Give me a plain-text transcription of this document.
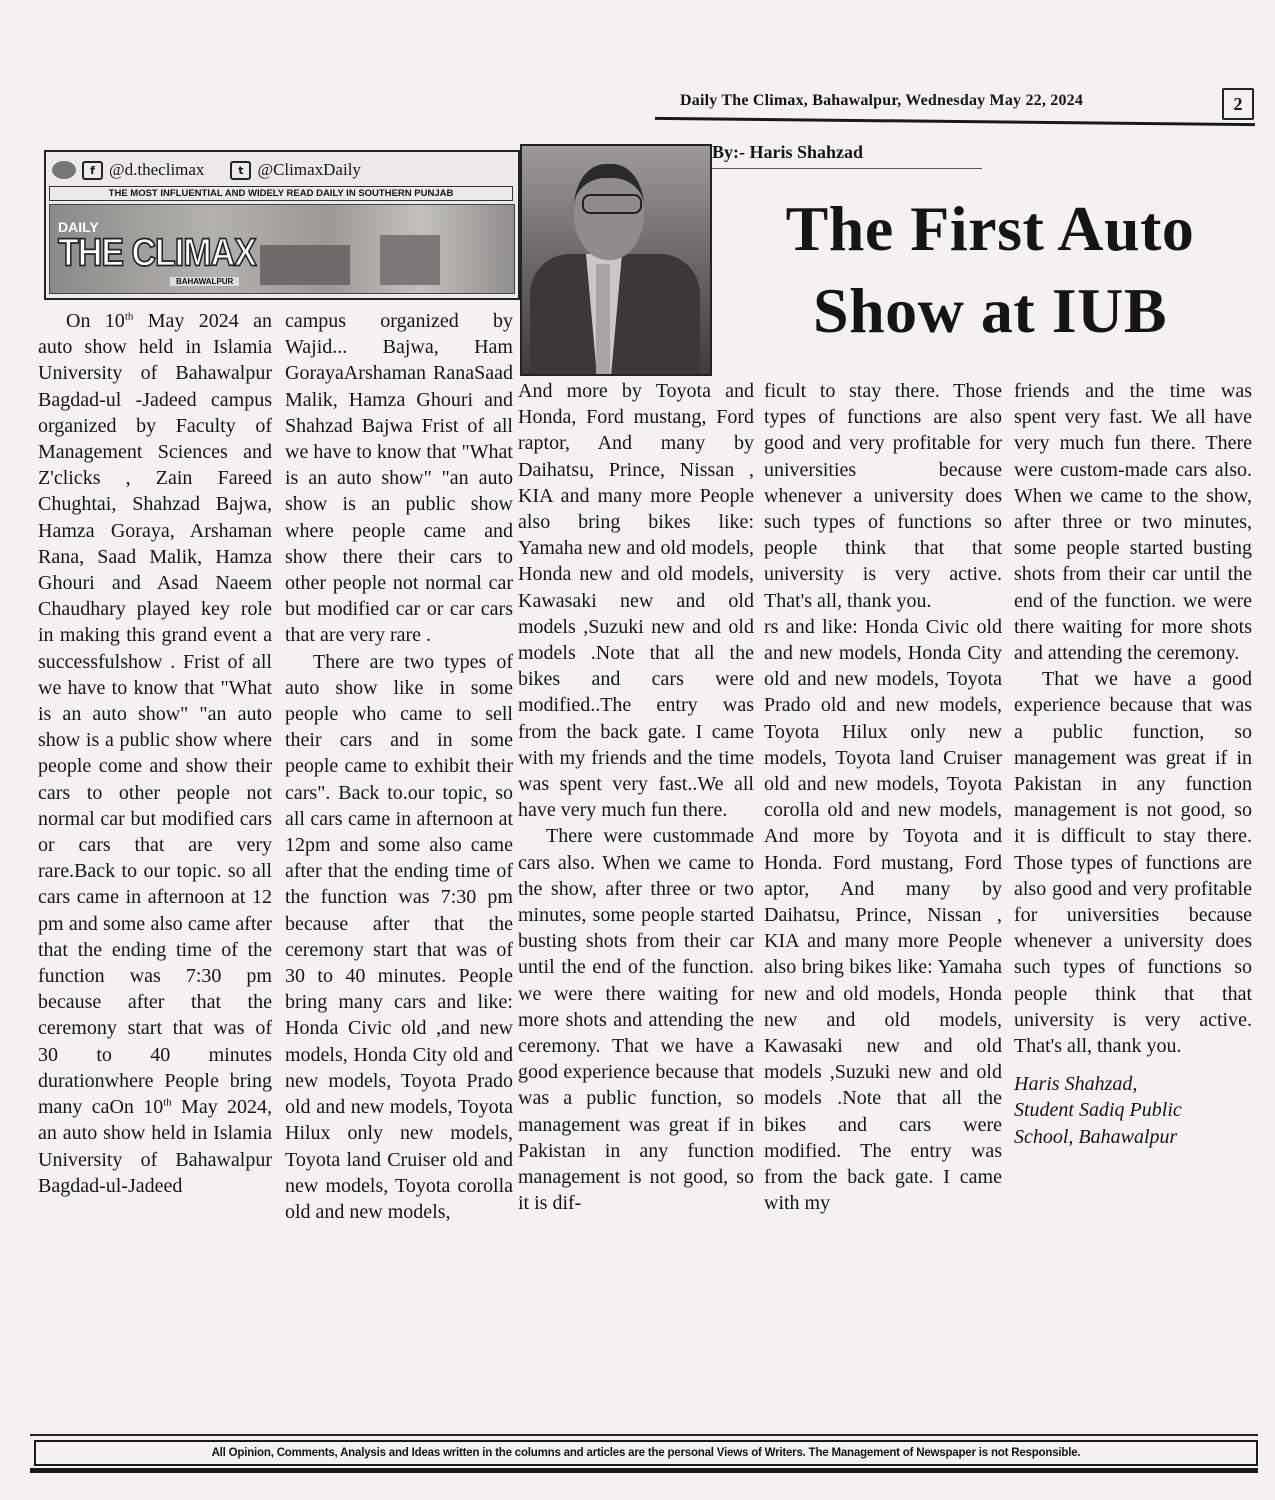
Daily The Climax, Bahawalpur, Wednesday May 22, 2024	2
f @d.theclimax	t @ClimaxDaily
THE MOST INFLUENTIAL AND WIDELY READ DAILY IN SOUTHERN PUNJAB
DAILY
THE CLIMAX
BAHAWALPUR
By:- Haris Shahzad
The First Auto
Show at IUB

On 10th May 2024 an auto show held in Islamia University of Bahawalpur Bagdad-ul -Jadeed campus organized by Faculty of Management Sciences and Z'clicks , Zain Fareed Chughtai, Shahzad Bajwa, Hamza Goraya, Arshaman Rana, Saad Malik, Hamza Ghouri and Asad Naeem Chaudhary played key role in making this grand event a successfulshow . Frist of all we have to know that "What is an auto show" "an auto show is a public show where people come and show their cars to other people not normal car but modified cars or cars that are very rare.Back to our topic. so all cars came in afternoon at 12 pm and some also came after that the ending time of the function was 7:30 pm because after that the ceremony start that was of 30 to 40 minutes durationwhere People bring many caOn 10th May 2024, an auto show held in Islamia University of Bahawalpur Bagdad-ul-Jadeed

campus organized by Wajid... Bajwa, Ham GorayaArshaman RanaSaad Malik, Hamza Ghouri and Shahzad Bajwa Frist of all we have to know that "What is an auto show" "an auto show is an public show where people came and show there their cars to other people not normal car but modified car or car cars that are very rare .

There are two types of auto show like in some people who came to sell their cars and in some people came to exhibit their cars". Back to.our topic, so all cars came in afternoon at 12pm and some also came after that the ending time of the function was 7:30 pm because after that the ceremony start that was of 30 to 40 minutes. People bring many cars and like: Honda Civic old ,and new models, Honda City old and new models, Toyota Prado old and new models, Toyota Hilux only new models, Toyota land Cruiser old and new models, Toyota corolla old and new models,

And more by Toyota and Honda, Ford mustang, Ford raptor, And many by Daihatsu, Prince, Nissan , KIA and many more People also bring bikes like: Yamaha new and old models, Honda new and old models, Kawasaki new and old models ,Suzuki new and old models .Note that all the bikes and cars were modified..The entry was from the back gate. I came with my friends and the time was spent very fast..We all have very much fun there.

There were custommade cars also. When we came to the show, after three or two minutes, some people started busting shots from their car until the end of the function. we were there waiting for more shots and attending the ceremony. That we have a good experience because that was a public function, so management was great if in Pakistan in any function management is not good, so it is dif-

ficult to stay there. Those types of functions are also good and very profitable for universities because whenever a university does such types of functions so people think that that university is very active. That's all, thank you.

rs and like: Honda Civic old and new models, Honda City old and new models, Toyota Prado old and new models, Toyota Hilux only new models, Toyota land Cruiser old and new models, Toyota corolla old and new models, And more by Toyota and Honda. Ford mustang, Ford aptor, And many by Daihatsu, Prince, Nissan , KIA and many more People also bring bikes like: Yamaha new and old models, Honda new and old models, Kawasaki new and old models ,Suzuki new and old models .Note that all the bikes and cars were modified. The entry was from the back gate. I came with my

friends and the time was spent very fast. We all have very much fun there. There were custom-made cars also. When we came to the show, after three or two minutes, some people started busting shots from their car until the end of the function. we were there waiting for more shots and attending the ceremony.

That we have a good experience because that was a public function, so management was great if in Pakistan in any function management is not good, so it is difficult to stay there. Those types of functions are also good and very profitable for universities because whenever a university does such types of functions so people think that that university is very active. That's all, thank you.

Haris Shahzad,
Student Sadiq Public
School, Bahawalpur

All Opinion, Comments, Analysis and Ideas written in the columns and articles are the personal Views of Writers. The Management of Newspaper is not Responsible.
